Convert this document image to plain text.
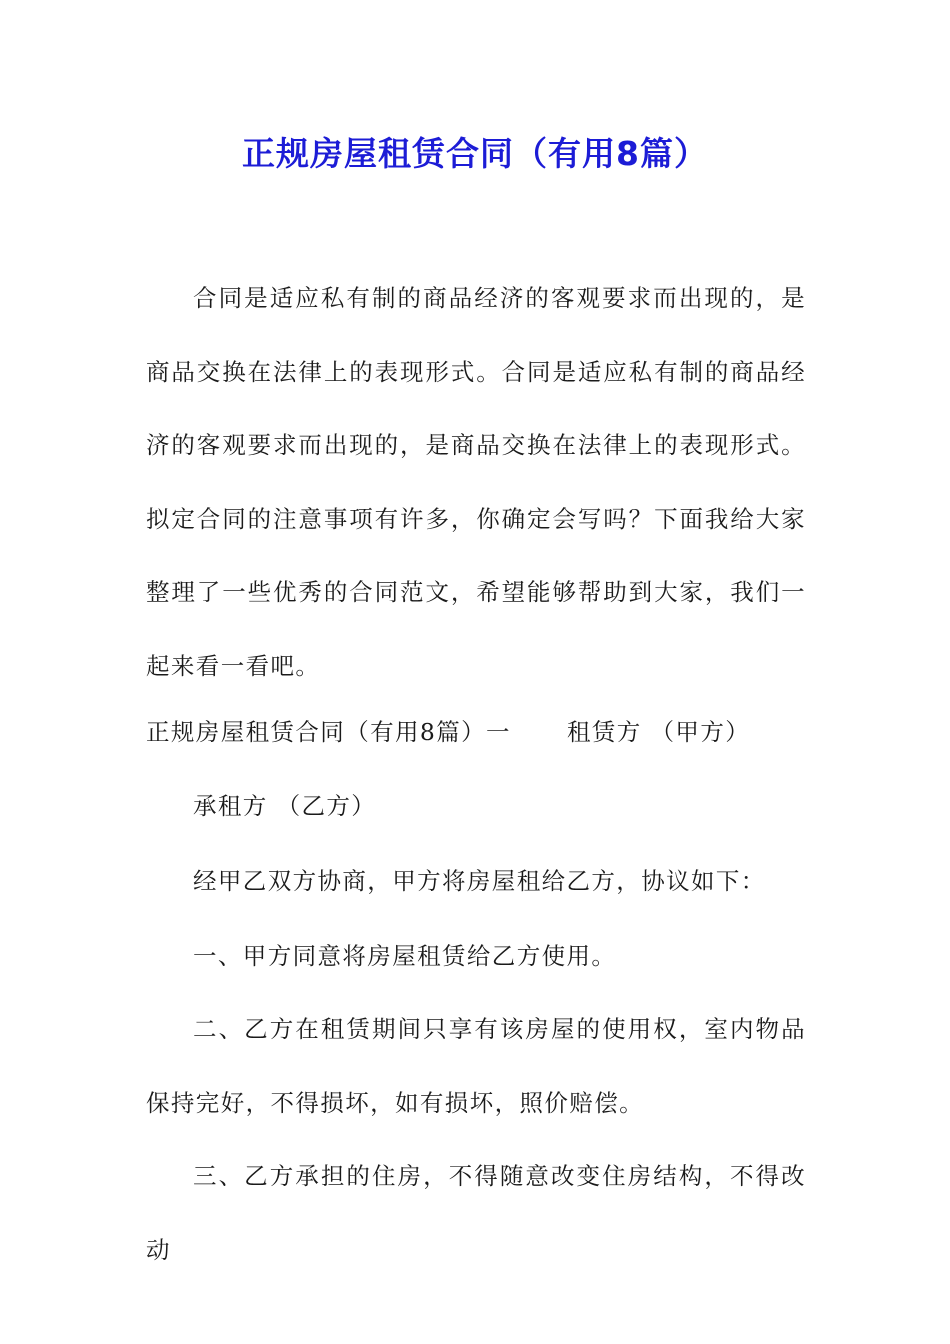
正规房屋租赁合同（有用8篇）
合同是适应私有制的商品经济的客观要求而出现的，是商品交换在法律上的表现形式。合同是适应私有制的商品经济的客观要求而出现的，是商品交换在法律上的表现形式。拟定合同的注意事项有许多，你确定会写吗？下面我给大家整理了一些优秀的合同范文，希望能够帮助到大家，我们一起来看一看吧。
正规房屋租赁合同（有用8篇）一 租赁方 （甲方）
承租方 （乙方）
经甲乙双方协商，甲方将房屋租给乙方，协议如下：
一、甲方同意将房屋租赁给乙方使用。
二、乙方在租赁期间只享有该房屋的使用权，室内物品保持完好，不得损坏，如有损坏，照价赔偿。
三、乙方承担的住房，不得随意改变住房结构，不得改动
